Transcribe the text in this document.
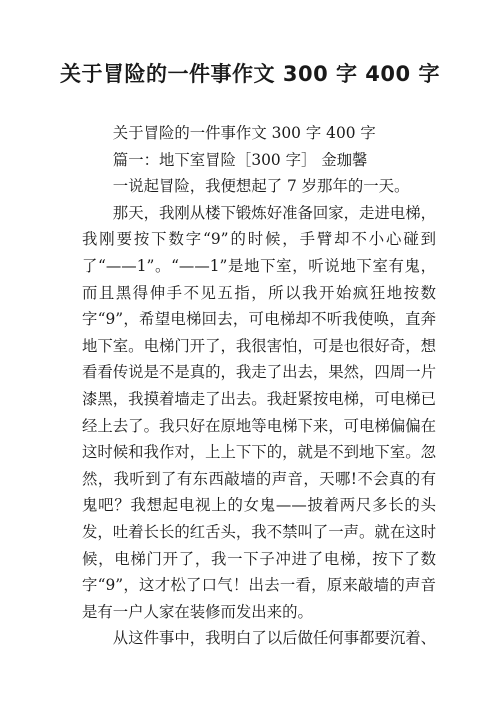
关于冒险的一件事作文 300 字 400 字

关于冒险的一件事作文 300 字 400 字

篇一：地下室冒险［300 字］ 金珈馨

一说起冒险，我便想起了 7 岁那年的一天。

那天，我刚从楼下锻炼好准备回家，走进电梯，我刚要按下数字“9”的时候，手臂却不小心碰到了“——1”。“——1”是地下室，听说地下室有鬼，而且黑得伸手不见五指，所以我开始疯狂地按数字“9”，希望电梯回去，可电梯却不听我使唤，直奔地下室。电梯门开了，我很害怕，可是也很好奇，想看看传说是不是真的，我走了出去，果然，四周一片漆黑，我摸着墙走了出去。我赶紧按电梯，可电梯已经上去了。我只好在原地等电梯下来，可电梯偏偏在这时候和我作对，上上下下的，就是不到地下室。忽然，我听到了有东西敲墙的声音，天哪!不会真的有鬼吧？我想起电视上的女鬼——披着两尺多长的头发，吐着长长的红舌头，我不禁叫了一声。就在这时候，电梯门开了，我一下子冲进了电梯，按下了数字“9”，这才松了口气！出去一看，原来敲墙的声音是有一户人家在装修而发出来的。

从这件事中，我明白了以后做任何事都要沉着、
